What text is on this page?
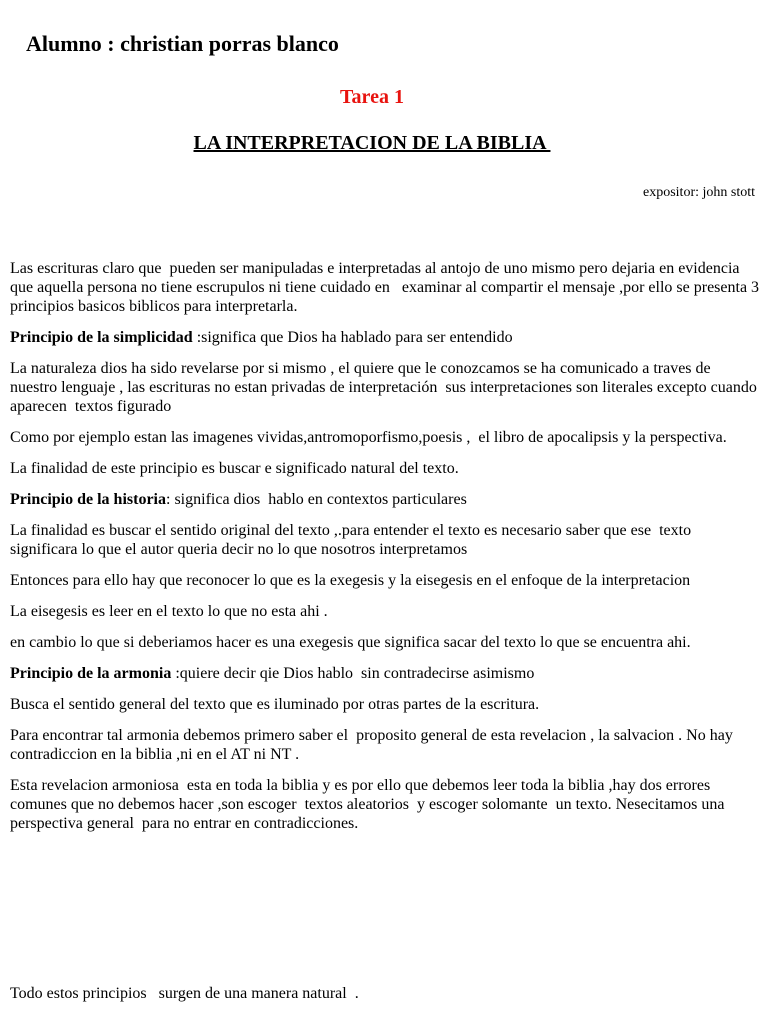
Alumno : christian porras blanco
Tarea 1
LA INTERPRETACION DE LA BIBLIA
expositor: john stott

Las escrituras claro que  pueden ser manipuladas e interpretadas al antojo de uno mismo pero dejaria en evidencia que aquella persona no tiene escrupulos ni tiene cuidado en   examinar al compartir el mensaje ,por ello se presenta 3 principios basicos biblicos para interpretarla.

Principio de la simplicidad :significa que Dios ha hablado para ser entendido

La naturaleza dios ha sido revelarse por si mismo , el quiere que le conozcamos se ha comunicado a traves de nuestro lenguaje , las escrituras no estan privadas de interpretación  sus interpretaciones son literales excepto cuando aparecen  textos figurado

Como por ejemplo estan las imagenes vividas,antromoporfismo,poesis ,  el libro de apocalipsis y la perspectiva.

La finalidad de este principio es buscar e significado natural del texto.

Principio de la historia: significa dios  hablo en contextos particulares

La finalidad es buscar el sentido original del texto ,.para entender el texto es necesario saber que ese  texto significara lo que el autor queria decir no lo que nosotros interpretamos

Entonces para ello hay que reconocer lo que es la exegesis y la eisegesis en el enfoque de la interpretacion

La eisegesis es leer en el texto lo que no esta ahi .

en cambio lo que si deberiamos hacer es una exegesis que significa sacar del texto lo que se encuentra ahi.

Principio de la armonia :quiere decir qie Dios hablo  sin contradecirse asimismo

Busca el sentido general del texto que es iluminado por otras partes de la escritura.

Para encontrar tal armonia debemos primero saber el  proposito general de esta revelacion , la salvacion . No hay contradiccion en la biblia ,ni en el AT ni NT .

Esta revelacion armoniosa  esta en toda la biblia y es por ello que debemos leer toda la biblia ,hay dos errores comunes que no debemos hacer ,son escoger  textos aleatorios  y escoger solomante  un texto. Nesecitamos una perspectiva general  para no entrar en contradicciones.

Todo estos principios   surgen de una manera natural  .
